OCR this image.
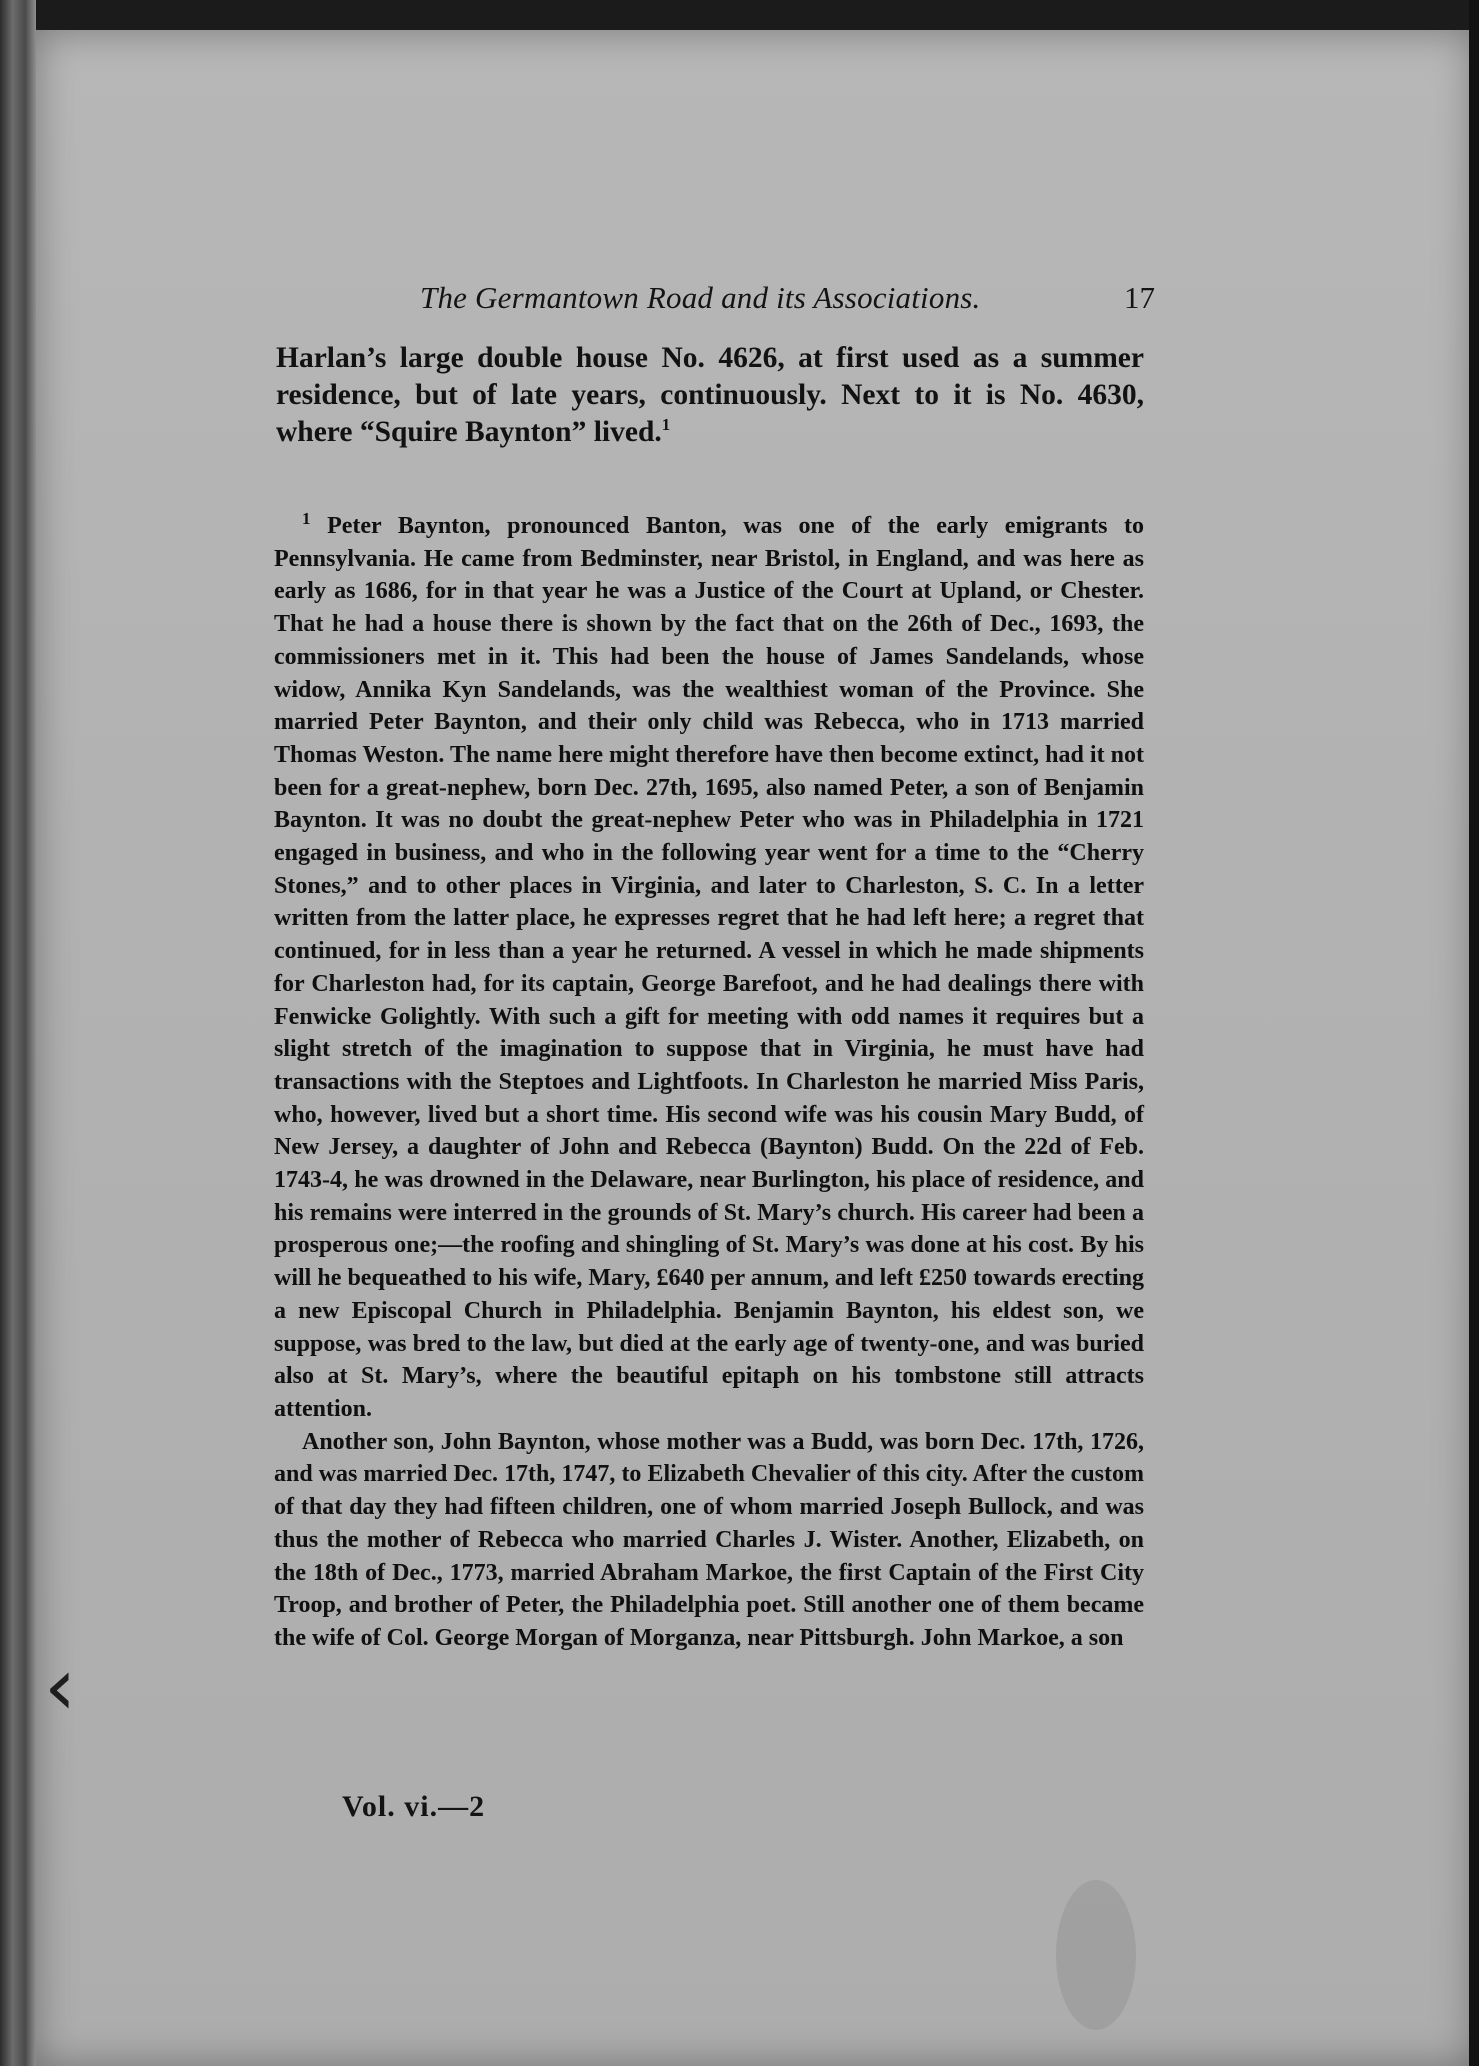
‹
The Germantown Road and its Associations.	17
Harlan’s large double house No. 4626, at first used as a summer residence, but of late years, continuously. Next to it is No. 4630, where “Squire Baynton” lived.$^1$

$^1$ Peter Baynton, pronounced Banton, was one of the early emigrants to Pennsylvania. He came from Bedminster, near Bristol, in England, and was here as early as 1686, for in that year he was a Justice of the Court at Upland, or Chester. That he had a house there is shown by the fact that on the 26th of Dec., 1693, the commissioners met in it. This had been the house of James Sandelands, whose widow, Annika Kyn Sandelands, was the wealthiest woman of the Province. She married Peter Baynton, and their only child was Rebecca, who in 1713 married Thomas Weston. The name here might therefore have then become extinct, had it not been for a great-nephew, born Dec. 27th, 1695, also named Peter, a son of Benjamin Baynton. It was no doubt the great-nephew Peter who was in Philadelphia in 1721 engaged in business, and who in the following year went for a time to the “Cherry Stones,” and to other places in Virginia, and later to Charleston, S. C. In a letter written from the latter place, he expresses regret that he had left here; a regret that continued, for in less than a year he returned. A vessel in which he made shipments for Charleston had, for its captain, George Barefoot, and he had dealings there with Fenwicke Golightly. With such a gift for meeting with odd names it requires but a slight stretch of the imagination to suppose that in Virginia, he must have had transactions with the Steptoes and Lightfoots. In Charleston he married Miss Paris, who, however, lived but a short time. His second wife was his cousin Mary Budd, of New Jersey, a daughter of John and Rebecca (Baynton) Budd. On the 22d of Feb. 1743-4, he was drowned in the Delaware, near Burlington, his place of residence, and his remains were interred in the grounds of St. Mary’s church. His career had been a prosperous one;—the roofing and shingling of St. Mary’s was done at his cost. By his will he bequeathed to his wife, Mary, £640 per annum, and left £250 towards erecting a new Episcopal Church in Philadelphia. Benjamin Baynton, his eldest son, we suppose, was bred to the law, but died at the early age of twenty-one, and was buried also at St. Mary’s, where the beautiful epitaph on his tombstone still attracts attention.

Another son, John Baynton, whose mother was a Budd, was born Dec. 17th, 1726, and was married Dec. 17th, 1747, to Elizabeth Chevalier of this city. After the custom of that day they had fifteen children, one of whom married Joseph Bullock, and was thus the mother of Rebecca who married Charles J. Wister. Another, Elizabeth, on the 18th of Dec., 1773, married Abraham Markoe, the first Captain of the First City Troop, and brother of Peter, the Philadelphia poet. Still another one of them became the wife of Col. George Morgan of Morganza, near Pittsburgh. John Markoe, a son

Vol. vi.—2
